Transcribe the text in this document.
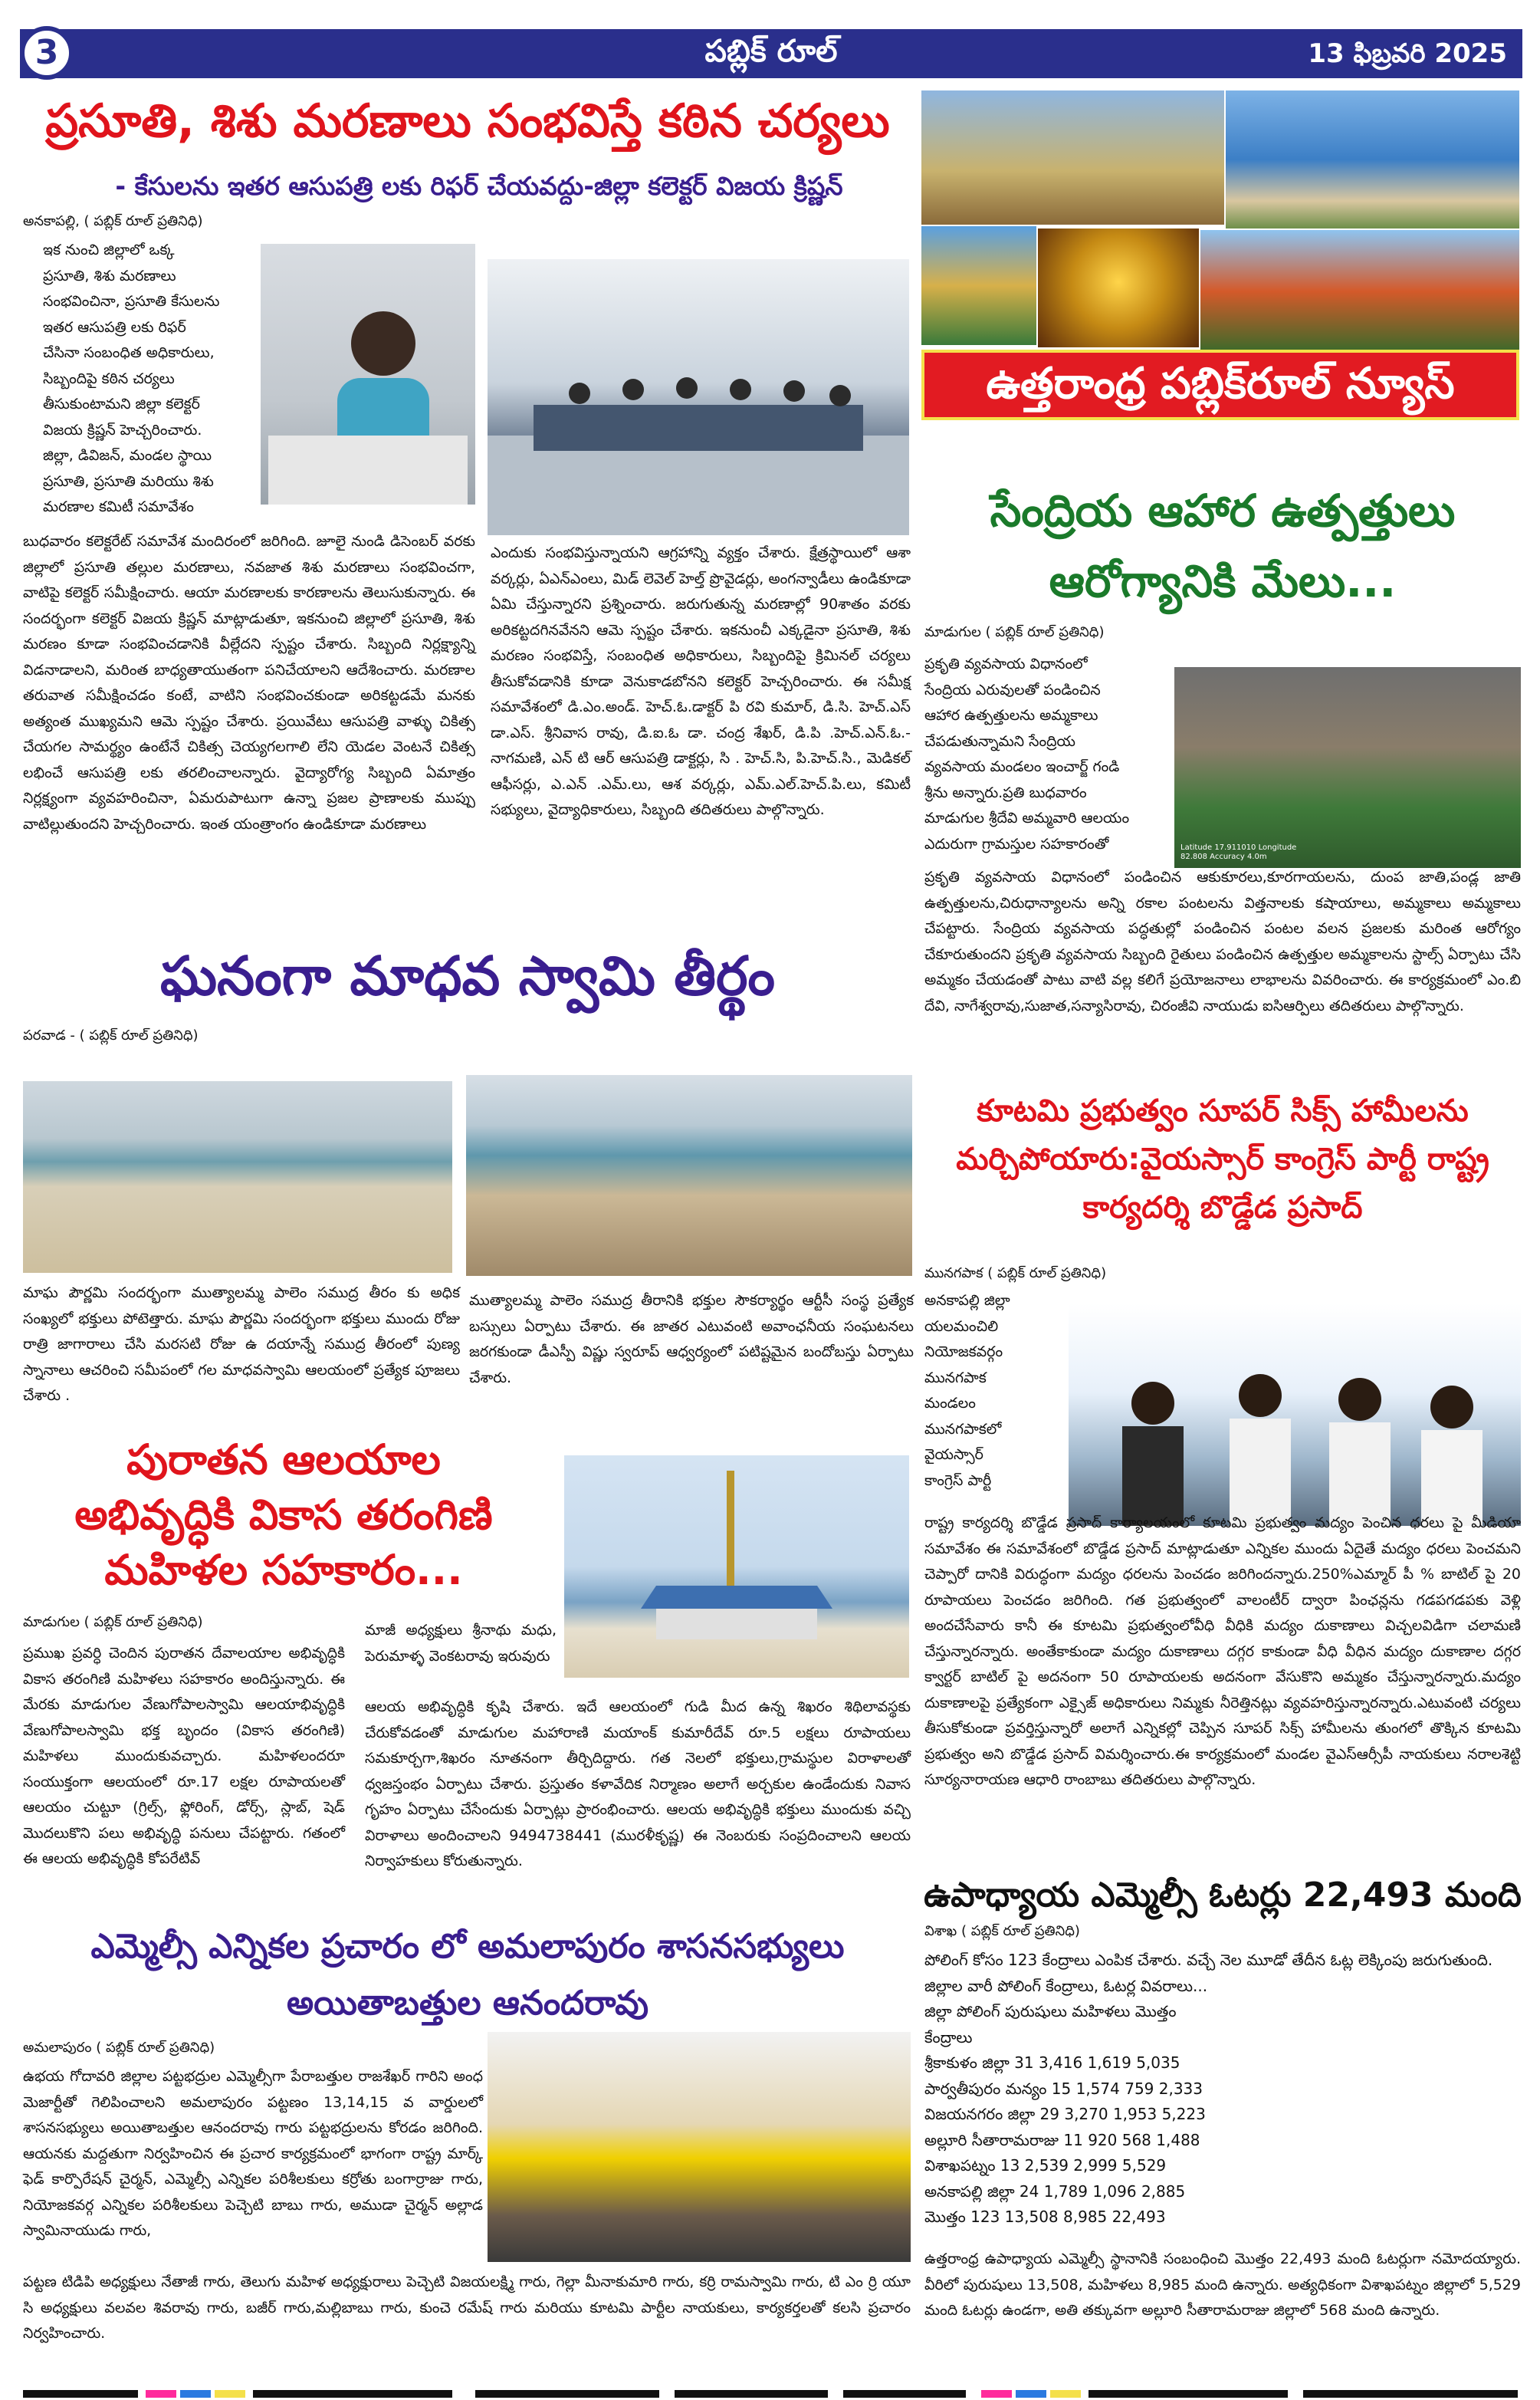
3	పబ్లిక్ రూల్	13 ఫిబ్రవరి 2025
ప్రసూతి, శిశు మరణాలు సంభవిస్తే కఠిన చర్యలు
- కేసులను ఇతర ఆసుపత్రి లకు రిఫర్ చేయవద్దు-జిల్లా కలెక్టర్ విజయ క్రిష్ణన్
అనకాపల్లి, ( పబ్లిక్ రూల్ ప్రతినిధి)
ఇక నుంచి జిల్లాలో ఒక్క
ప్రసూతి, శిశు మరణాలు
సంభవించినా, ప్రసూతి కేసులను
ఇతర ఆసుపత్రి లకు రిఫర్
చేసినా సంబంధిత అధికారులు,
సిబ్బందిపై కఠిన చర్యలు
తీసుకుంటామని జిల్లా కలెక్టర్
విజయ క్రిష్ణన్ హెచ్చరించారు.
జిల్లా, డివిజన్, మండల స్థాయి
ప్రసూతి, ప్రసూతి మరియు శిశు
మరణాల కమిటీ సమావేశం
బుధవారం కలెక్టరేట్ సమావేశ మందిరంలో జరిగింది. జూలై నుండి డిసెంబర్ వరకు జిల్లాలో ప్రసూతి తల్లుల మరణాలు, నవజాత శిశు మరణాలు సంభవించగా, వాటిపై కలెక్టర్ సమీక్షించారు. ఆయా మరణాలకు కారణాలను తెలుసుకున్నారు. ఈ సందర్భంగా కలెక్టర్ విజయ క్రిష్ణన్ మాట్లాడుతూ, ఇకనుంచి జిల్లాలో ప్రసూతి, శిశు మరణం కూడా సంభవించడానికి వీల్లేదని స్పష్టం చేశారు. సిబ్బంది నిర్లక్ష్యాన్ని విడనాడాలని, మరింత బాధ్యతాయుతంగా పనిచేయాలని ఆదేశించారు. మరణాల తరువాత సమీక్షించడం కంటే, వాటిని సంభవించకుండా అరికట్టడమే మనకు అత్యంత ముఖ్యమని ఆమె స్పష్టం చేశారు. ప్రయివేటు ఆసుపత్రి వాళ్ళు చికిత్స చేయగల సామర్థ్యం ఉంటేనే చికిత్స చెయ్యగలగాలి లేని యెడల వెంటనే చికిత్స లభించే ఆసుపత్రి లకు తరలించాలన్నారు. వైద్యారోగ్య సిబ్బంది ఏమాత్రం నిర్లక్ష్యంగా వ్యవహరించినా, ఏమరుపాటుగా ఉన్నా ప్రజల ప్రాణాలకు ముప్పు వాటిల్లుతుందని హెచ్చరించారు. ఇంత యంత్రాంగం ఉండికూడా మరణాలు
ఎందుకు సంభవిస్తున్నాయని ఆగ్రహాన్ని వ్యక్తం చేశారు. క్షేత్రస్థాయిలో ఆశా వర్కర్లు, ఏఎన్ఎంలు, మిడ్ లెవెల్ హెల్త్ ప్రొవైడర్లు, అంగన్వాడీలు ఉండికూడా ఏమి చేస్తున్నారని ప్రశ్నించారు. జరుగుతున్న మరణాల్లో 90శాతం వరకు అరికట్టదగినవేనని ఆమె స్పష్టం చేశారు. ఇకనుంచీ ఎక్కడైనా ప్రసూతి, శిశు మరణం సంభవిస్తే, సంబంధిత అధికారులు, సిబ్బందిపై క్రిమినల్ చర్యలు తీసుకోవడానికి కూడా వెనుకాడబోనని కలెక్టర్ హెచ్చరించారు. ఈ సమీక్ష సమావేశంలో డి.ఎం.అండ్. హెచ్.ఓ.డాక్టర్ పి రవి కుమార్, డి.సి. హెచ్.ఎస్ డా.ఎస్. శ్రీనివాస రావు, డి.ఐ.ఓ డా. చంద్ర శేఖర్, డి.పి .హెచ్.ఎన్.ఓ.-నాగమణి, ఎన్ టి ఆర్ ఆసుపత్రి డాక్టర్లు, సి . హెచ్.సి, పి.హెచ్.సి., మెడికల్ ఆఫీసర్లు, ఎ.ఎన్ .ఎమ్.లు, ఆశ వర్కర్లు, ఎమ్.ఎల్.హెచ్.పి.లు, కమిటీ సభ్యులు, వైద్యాధికారులు, సిబ్బంది తదితరులు పాల్గొన్నారు.
ఘనంగా మాధవ స్వామి తీర్థం
పరవాడ - ( పబ్లిక్ రూల్ ప్రతినిధి)
మాఘ పౌర్ణమి సందర్భంగా ముత్యాలమ్మ పాలెం సముద్ర తీరం కు అధిక సంఖ్యలో భక్తులు పోటెత్తారు. మాఘ పౌర్ణమి సందర్భంగా భక్తులు ముందు రోజు రాత్రి జాగారాలు చేసి మరసటి రోజు ఉ దయాన్నే సముద్ర తీరంలో పుణ్య స్నానాలు ఆచరించి సమీపంలో గల మాధవస్వామి ఆలయంలో ప్రత్యేక పూజలు చేశారు .
ముత్యాలమ్మ పాలెం సముద్ర తీరానికి భక్తుల సౌకర్యార్థం ఆర్టీసీ సంస్థ ప్రత్యేక బస్సులు ఏర్పాటు చేశారు. ఈ జాతర ఎటువంటి అవాంఛనీయ సంఘటనలు జరగకుండా డీఎస్పీ విష్ణు స్వరూప్ ఆధ్వర్యంలో పటిష్టమైన బందోబస్తు ఏర్పాటు చేశారు.
పురాతన ఆలయాల
అభివృద్ధికి వికాస తరంగిణి
మహిళల సహకారం...
మాడుగుల ( పబ్లిక్ రూల్ ప్రతినిధి)
ప్రముఖ ప్రవర్ధి చెందిన పురాతన దేవాలయాల అభివృద్ధికి వికాస తరంగిణి మహిళలు సహకారం అందిస్తున్నారు. ఈ మేరకు మాడుగుల వేణుగోపాలస్వామి ఆలయాభివృద్ధికి వేణుగోపాలస్వామి భక్త బృందం (వికాస తరంగిణి) మహిళలు ముందుకువచ్చారు. మహిళలందరూ సంయుక్తంగా ఆలయంలో రూ.17 లక్షల రూపాయలతో ఆలయం చుట్టూ (గ్రిల్స్, ఫ్లోరింగ్, డోర్స్, స్లాబ్, షెడ్ మొదలుకొని పలు అభివృద్ధి పనులు చేపట్టారు. గతంలో ఈ ఆలయ అభివృద్ధికి కోపరేటివ్
మాజీ అధ్యక్షులు శ్రీనాథు మధు, పెరుమాళ్ళ వెంకటరావు ఇరువురు
ఆలయ అభివృద్ధికి కృషి చేశారు. ఇదే ఆలయంలో గుడి మీద ఉన్న శిఖరం శిథిలావస్థకు చేరుకోవడంతో మాడుగుల మహారాణి మయాంక్ కుమారీదేవ్ రూ.5 లక్షలు రూపాయలు సమకూర్చగా,శిఖరం నూతనంగా తీర్చిదిద్దారు. గత నెలలో భక్తులు,గ్రామస్థుల విరాళాలతో ధ్వజస్తంభం ఏర్పాటు చేశారు. ప్రస్తుతం కళావేదిక నిర్మాణం అలాగే అర్చకుల ఉండేందుకు నివాస గృహం ఏర్పాటు చేసేందుకు ఏర్పాట్లు ప్రారంభించారు. ఆలయ అభివృద్ధికి భక్తులు ముందుకు వచ్చి విరాళాలు అందించాలని 9494738441 (మురళీకృష్ణ) ఈ నెంబరుకు సంప్రదించాలని ఆలయ నిర్వాహకులు కోరుతున్నారు.
ఎమ్మెల్సీ ఎన్నికల ప్రచారం లో అమలాపురం శాసనసభ్యులు
అయితాబత్తుల ఆనందరావు
అమలాపురం ( పబ్లిక్ రూల్ ప్రతినిధి)
ఉభయ గోదావరి జిల్లాల పట్టభద్రుల ఎమ్మెల్సీగా పేరాబత్తుల రాజశేఖర్ గారిని అంధ మెజార్టీతో గెలిపించాలని అమలాపురం పట్టణం 13,14,15 వ వార్డులలో శాసనసభ్యులు అయితాబత్తుల ఆనందరావు గారు పట్టభద్రులను కోరడం జరిగింది. ఆయనకు మద్దతుగా నిర్వహించిన ఈ ప్రచార కార్యక్రమంలో భాగంగా రాష్ట్ర మార్క్ ఫెడ్ కార్పొరేషన్ చైర్మన్, ఎమ్మెల్సీ ఎన్నికల పరిశీలకులు కర్రోతు బంగార్రాజు గారు, నియోజకవర్గ ఎన్నికల పరిశీలకులు పెచ్చెటి బాబు గారు, అముడా చైర్మన్ అల్లాడ స్వామినాయుడు గారు,
పట్టణ టిడిపి అధ్యక్షులు నేతాజీ గారు, తెలుగు మహిళ అధ్యక్షురాలు పెచ్చెటి విజయలక్ష్మి గారు, గెల్లా మీనాకుమారి గారు, కర్రి రామస్వామి గారు, టి ఎం ర్రి యూ సి అధ్యక్షులు వలవల శివరావు గారు, బజీర్ గారు,మల్లిబాబు గారు, కుంచె రమేష్ గారు మరియు కూటమి పార్టీల నాయకులు, కార్యకర్తలతో కలసి ప్రచారం నిర్వహించారు.
ఉత్తరాంధ్ర పబ్లిక్‌రూల్ న్యూస్
సేంద్రియ ఆహార ఉత్పత్తులు
ఆరోగ్యానికి మేలు...
మాడుగుల ( పబ్లిక్ రూల్ ప్రతినిధి)
ప్రకృతి వ్యవసాయ విధానంలో
సేంద్రియ ఎరువులతో పండించిన
ఆహార ఉత్పత్తులను అమ్మకాలు
చేపడుతున్నామని సేంద్రియ
వ్యవసాయ మండలం ఇంచార్జ్ గండి
శ్రీను అన్నారు.ప్రతి బుధవారం
మాడుగుల శ్రీదేవి అమ్మవారి ఆలయం
ఎదురుగా గ్రామస్తుల సహకారంతో	Latitude 17.911010 Longitude 82.808 Accuracy 4.0m
ప్రకృతి వ్యవసాయ విధానంలో పండించిన ఆకుకూరలు,కూరగాయలను, దుంప జాతి,పండ్ల జాతి ఉత్పత్తులను,చిరుధాన్యాలను అన్ని రకాల పంటలను విత్తనాలకు కషాయాలు, అమ్మకాలు అమ్మకాలు చేపట్టారు. సేంద్రియ వ్యవసాయ పద్ధతుల్లో పండించిన పంటల వలన ప్రజలకు మరింత ఆరోగ్యం చేకూరుతుందని ప్రకృతి వ్యవసాయ సిబ్బంది రైతులు పండించిన ఉత్పత్తుల అమ్మకాలను స్టాల్స్ ఏర్పాటు చేసి అమ్మకం చేయడంతో పాటు వాటి వల్ల కలిగే ప్రయోజనాలు లాభాలను వివరించారు. ఈ కార్యక్రమంలో ఎం.బి దేవి, నాగేశ్వరావు,సుజాత,సన్యాసిరావు, చిరంజీవి నాయుడు ఐసిఆర్పిలు తదితరులు పాల్గొన్నారు.
కూటమి ప్రభుత్వం సూపర్ సిక్స్ హామీలను
మర్చిపోయారు:వైయస్సార్ కాంగ్రెస్ పార్టీ రాష్ట్ర
కార్యదర్శి బొడ్డేడ ప్రసాద్
మునగపాక ( పబ్లిక్ రూల్ ప్రతినిధి)
అనకాపల్లి జిల్లా
యలమంచిలి
నియోజకవర్గం
మునగపాక
మండలం
మునగపాకలో
వైయస్సార్
కాంగ్రెస్ పార్టీ
రాష్ట్ర కార్యదర్శి బొడ్డేడ ప్రసాద్ కార్యాలయంలో కూటమి ప్రభుత్వం మద్యం పెంచిన ధరలు పై మీడియా సమావేశం ఈ సమావేశంలో బొడ్డేడ ప్రసాద్ మాట్లాడుతూ ఎన్నికల ముందు ఏదైతే మద్యం ధరలు పెంచమని చెప్పారో దానికి విరుద్ధంగా మద్యం ధరలను పెంచడం జరిగిందన్నారు.250%ఎమ్మార్ పీ % బాటిల్ పై 20 రూపాయలు పెంచడం జరిగింది. గత ప్రభుత్వంలో వాలంటీర్ ద్వారా పింఛన్లను గడపగడపకు వెళ్లి అందచేసేవారు కానీ ఈ కూటమి ప్రభుత్వంలోవీధి వీధికి మద్యం దుకాణాలు విచ్చలవిడిగా చలామణి చేస్తున్నారన్నారు. అంతేకాకుండా మద్యం దుకాణాలు దగ్గర కాకుండా వీధి వీధిన మద్యం దుకాణాల దగ్గర క్వార్టర్ బాటిల్ పై అదనంగా 50 రూపాయలకు అదనంగా వేసుకొని అమ్మకం చేస్తున్నారన్నారు.మద్యం దుకాణాలపై ప్రత్యేకంగా ఎక్సైజ్ అధికారులు నిమ్మకు నీరెత్తినట్లు వ్యవహరిస్తున్నారన్నారు.ఎటువంటి చర్యలు తీసుకోకుండా ప్రవర్తిస్తున్నారో అలాగే ఎన్నికల్లో చెప్పిన సూపర్ సిక్స్ హామీలను తుంగలో తొక్కిన కూటమి ప్రభుత్వం అని బొడ్డేడ ప్రసాద్ విమర్శించారు.ఈ కార్యక్రమంలో మండల వైఎస్ఆర్సీపీ నాయకులు నరాలశెట్టి సూర్యనారాయణ ఆధారి రాంబాబు తదితరులు పాల్గొన్నారు.
ఉపాధ్యాయ ఎమ్మెల్సీ ఓటర్లు 22,493 మంది
విశాఖ ( పబ్లిక్ రూల్ ప్రతినిధి)
పోలింగ్ కోసం 123 కేంద్రాలు ఎంపిక చేశారు. వచ్చే నెల మూడో తేదీన ఓట్ల లెక్కింపు జరుగుతుంది.
జిల్లాల వారీ పోలింగ్ కేంద్రాలు, ఓటర్ల వివరాలు...
జిల్లా పోలింగ్ పురుషులు మహిళలు మొత్తం
కేంద్రాలు
శ్రీకాకుళం జిల్లా 31 3,416 1,619 5,035
పార్వతీపురం మన్యం 15 1,574 759 2,333
విజయనగరం జిల్లా 29 3,270 1,953 5,223
అల్లూరి సీతారామరాజు 11 920 568 1,488
విశాఖపట్నం 13 2,539 2,999 5,529
అనకాపల్లి జిల్లా 24 1,789 1,096 2,885
మొత్తం 123 13,508 8,985 22,493
ఉత్తరాంధ్ర ఉపాధ్యాయ ఎమ్మెల్సీ స్థానానికి సంబంధించి మొత్తం 22,493 మంది ఓటర్లుగా నమోదయ్యారు. వీరిలో పురుషులు 13,508, మహిళలు 8,985 మంది ఉన్నారు. అత్యధికంగా విశాఖపట్నం జిల్లాలో 5,529 మంది ఓటర్లు ఉండగా, అతి తక్కువగా అల్లూరి సీతారామరాజు జిల్లాలో 568 మంది ఉన్నారు.
